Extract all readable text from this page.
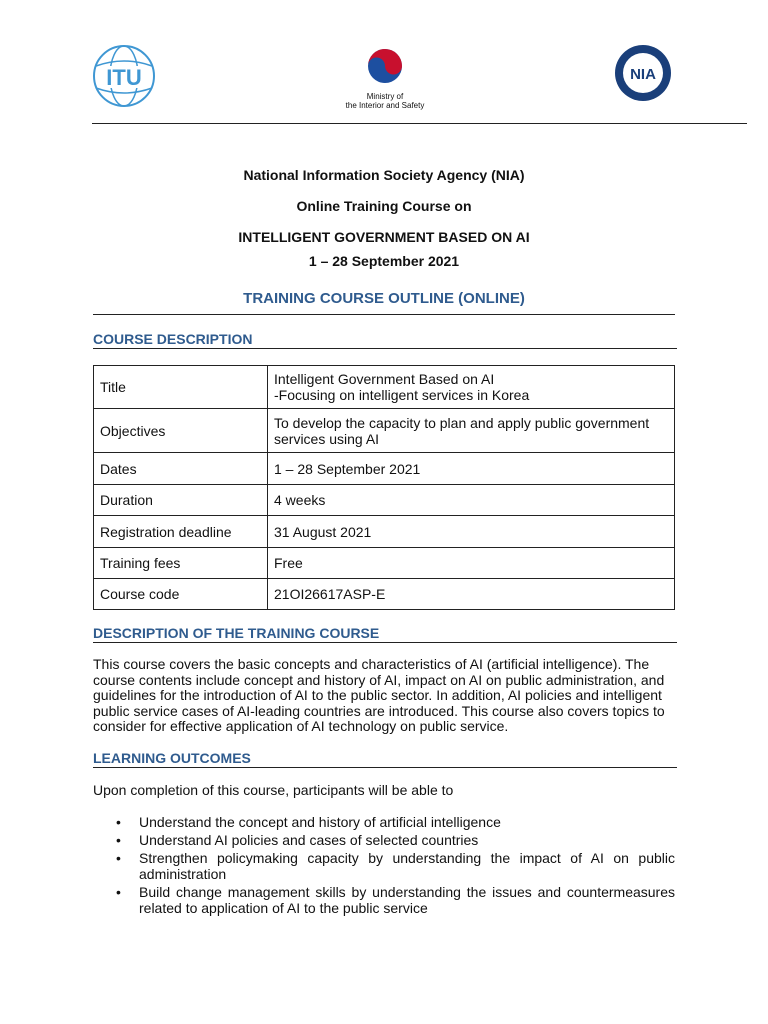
ITU
Ministry of
the Interior and Safety
NIA
National Information Society Agency (NIA)
Online Training Course on
INTELLIGENT GOVERNMENT BASED ON AI
1 – 28 September 2021
TRAINING COURSE OUTLINE (ONLINE)
COURSE DESCRIPTION
Title	Intelligent Government Based on AI
-Focusing on intelligent services in Korea

Objectives	To develop the capacity to plan and apply public government
services using AI

Dates	1 – 28 September 2021
Duration	4 weeks
Registration deadline	31 August 2021
Training fees	Free
Course code	21OI26617ASP-E
DESCRIPTION OF THE TRAINING COURSE

This course covers the basic concepts and characteristics of AI (artificial intelligence). The

course contents include concept and history of AI, impact on AI on public administration, and

guidelines for the introduction of AI to the public sector. In addition, AI policies and intelligent

public service cases of AI-leading countries are introduced. This course also covers topics to

consider for effective application of AI technology on public service.

LEARNING OUTCOMES
Upon completion of this course, participants will be able to
• Understand the concept and history of artificial intelligence
• Understand AI policies and cases of selected countries
• Strengthen policymaking capacity by understanding the impact of AI on public administration
• Build change management skills by understanding the issues and countermeasures related to application of AI to the public service
